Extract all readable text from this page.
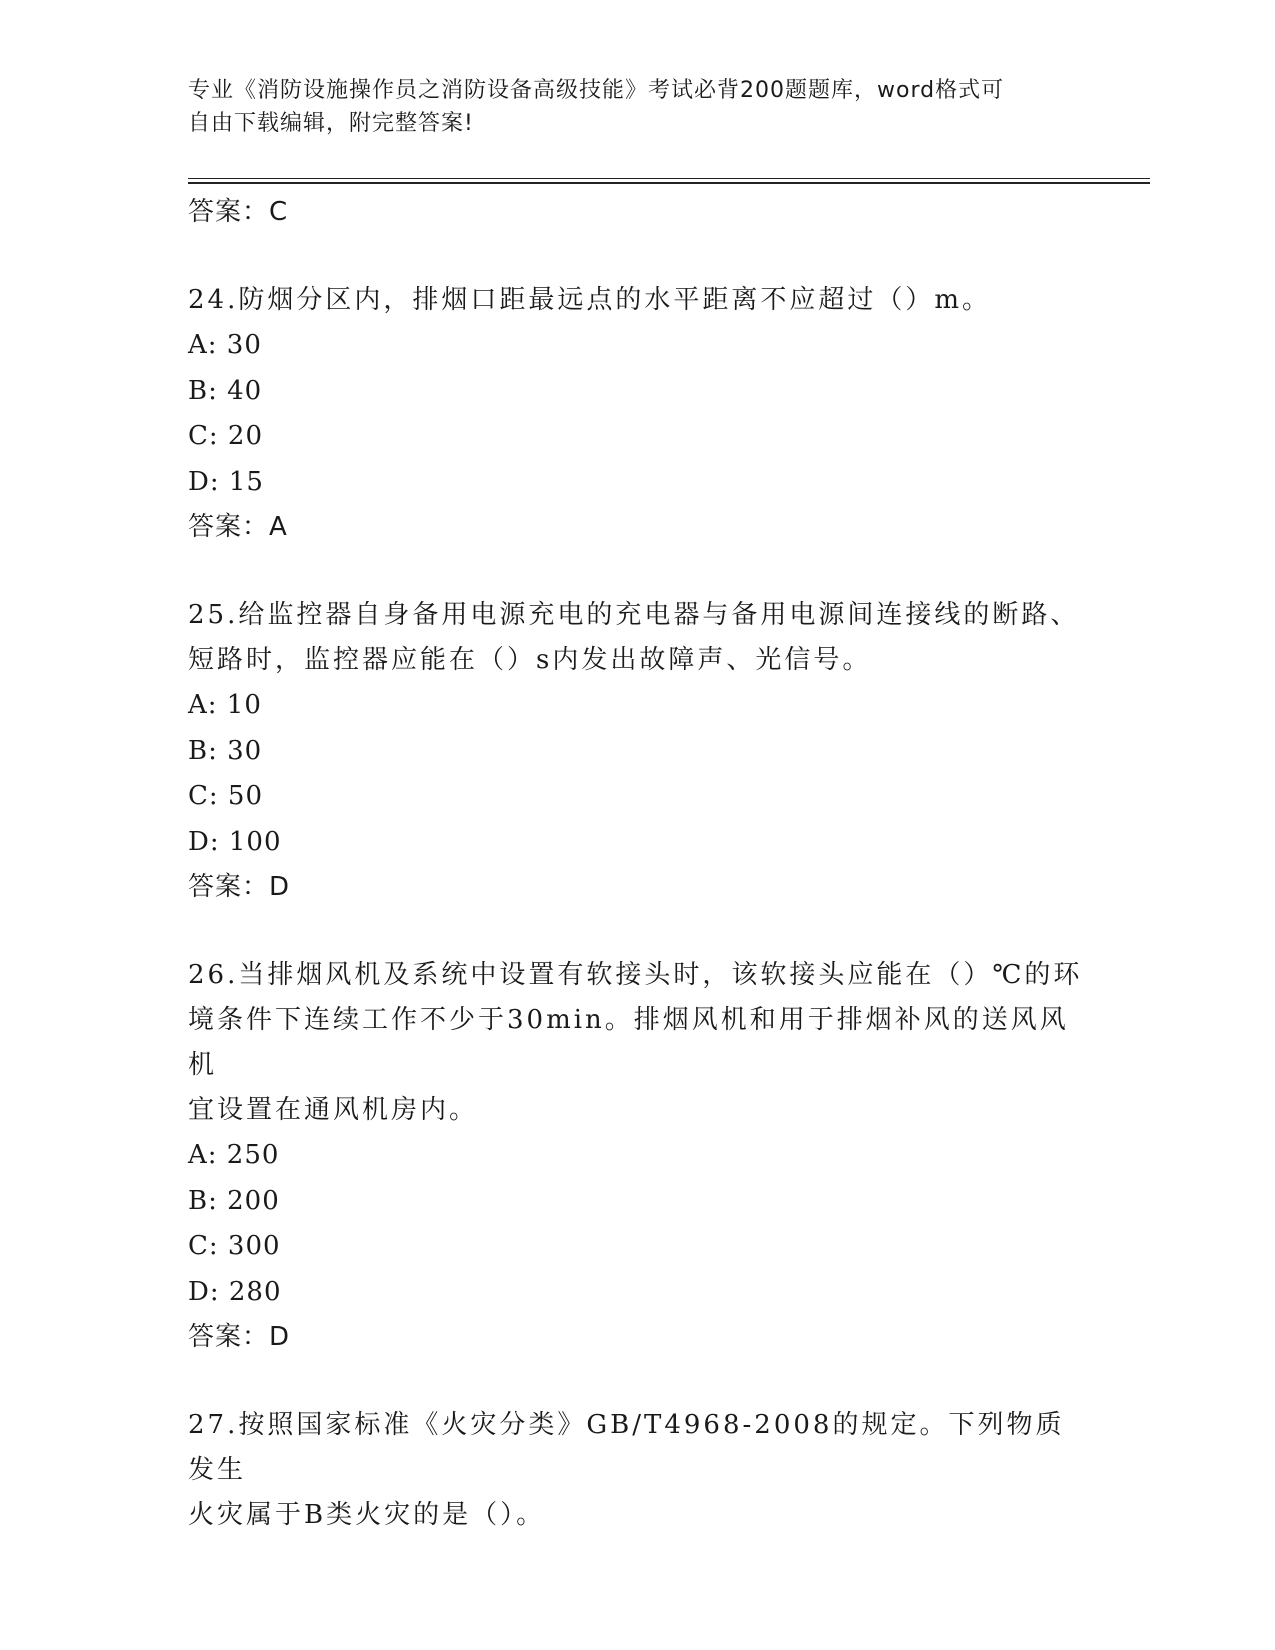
专业《消防设施操作员之消防设备高级技能》考试必背200题题库，word格式可
自由下载编辑，附完整答案!
答案：C
24.防烟分区内，排烟口距最远点的水平距离不应超过（）m。
A: 30
B: 40
C: 20
D: 15
答案：A
25.给监控器自身备用电源充电的充电器与备用电源间连接线的断路、
短路时，监控器应能在（）s内发出故障声、光信号。
A: 10
B: 30
C: 50
D: 100
答案：D
26.当排烟风机及系统中设置有软接头时，该软接头应能在（）℃的环
境条件下连续工作不少于30min。排烟风机和用于排烟补风的送风风机
宜设置在通风机房内。
A: 250
B: 200
C: 300
D: 280
答案：D
27.按照国家标准《火灾分类》GB/T4968-2008的规定。下列物质发生
火灾属于B类火灾的是（）。
